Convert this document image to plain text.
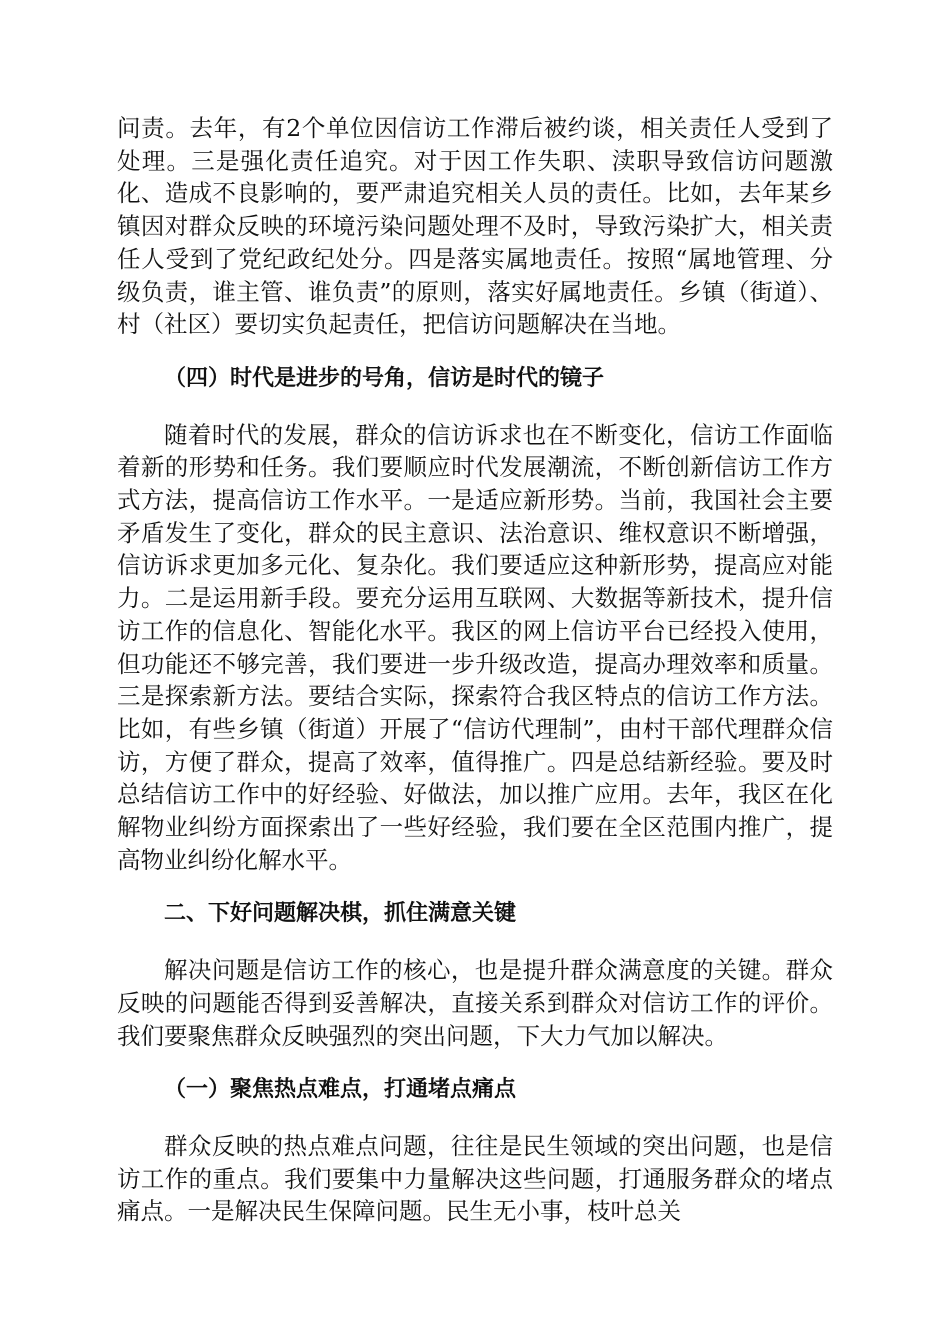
问责。去年，有2个单位因信访工作滞后被约谈，相关责任人受到了处理。三是强化责任追究。对于因工作失职、渎职导致信访问题激化、造成不良影响的，要严肃追究相关人员的责任。比如，去年某乡镇因对群众反映的环境污染问题处理不及时，导致污染扩大，相关责任人受到了党纪政纪处分。四是落实属地责任。按照“属地管理、分级负责，谁主管、谁负责”的原则，落实好属地责任。乡镇（街道）、村（社区）要切实负起责任，把信访问题解决在当地。

（四）时代是进步的号角，信访是时代的镜子

随着时代的发展，群众的信访诉求也在不断变化，信访工作面临着新的形势和任务。我们要顺应时代发展潮流，不断创新信访工作方式方法，提高信访工作水平。一是适应新形势。当前，我国社会主要矛盾发生了变化，群众的民主意识、法治意识、维权意识不断增强，信访诉求更加多元化、复杂化。我们要适应这种新形势，提高应对能力。二是运用新手段。要充分运用互联网、大数据等新技术，提升信访工作的信息化、智能化水平。我区的网上信访平台已经投入使用，但功能还不够完善，我们要进一步升级改造，提高办理效率和质量。三是探索新方法。要结合实际，探索符合我区特点的信访工作方法。比如，有些乡镇（街道）开展了“信访代理制”，由村干部代理群众信访，方便了群众，提高了效率，值得推广。四是总结新经验。要及时总结信访工作中的好经验、好做法，加以推广应用。去年，我区在化解物业纠纷方面探索出了一些好经验，我们要在全区范围内推广，提高物业纠纷化解水平。

二、下好问题解决棋，抓住满意关键

解决问题是信访工作的核心，也是提升群众满意度的关键。群众反映的问题能否得到妥善解决，直接关系到群众对信访工作的评价。我们要聚焦群众反映强烈的突出问题，下大力气加以解决。

（一）聚焦热点难点，打通堵点痛点

群众反映的热点难点问题，往往是民生领域的突出问题，也是信访工作的重点。我们要集中力量解决这些问题，打通服务群众的堵点痛点。一是解决民生保障问题。民生无小事，枝叶总关
